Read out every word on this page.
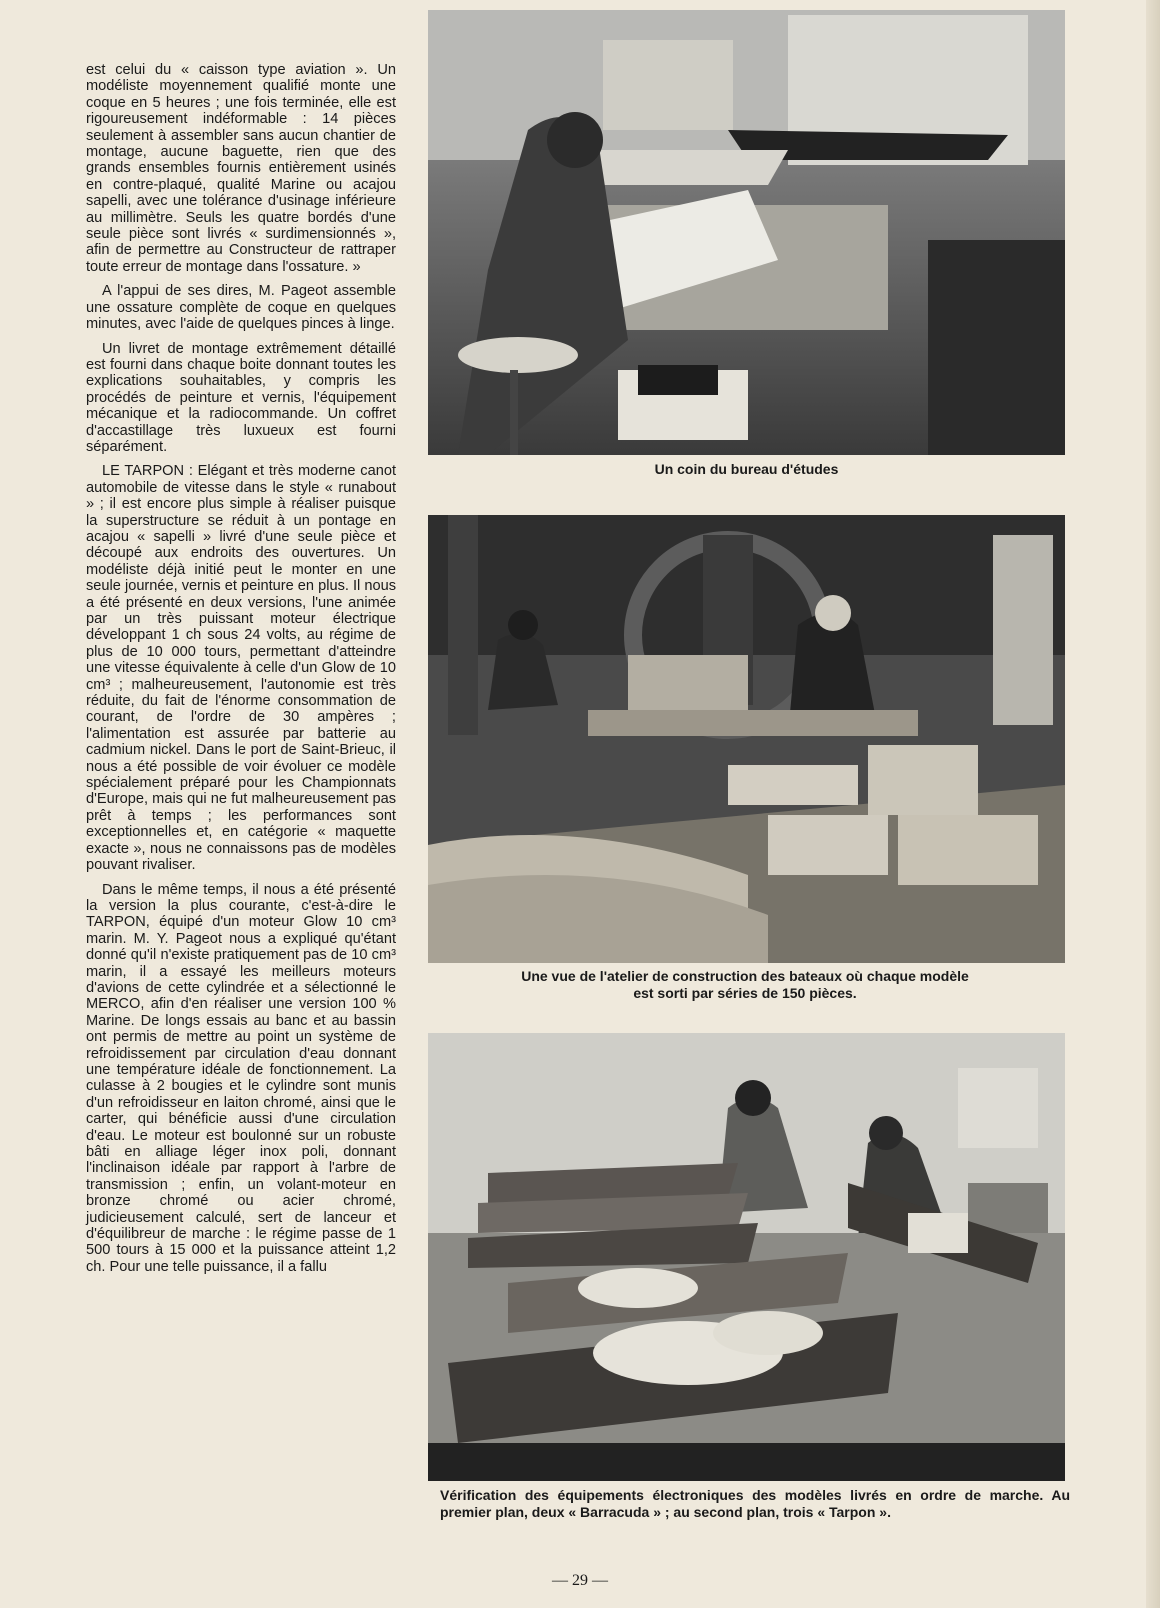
est celui du « caisson type aviation ». Un modéliste moyennement qualifié monte une coque en 5 heures ; une fois terminée, elle est rigoureusement indéformable : 14 pièces seulement à assembler sans aucun chantier de montage, aucune baguette, rien que des grands ensembles fournis entièrement usinés en contre-plaqué, qualité Marine ou acajou sapelli, avec une tolérance d'usinage inférieure au millimètre. Seuls les quatre bordés d'une seule pièce sont livrés « surdimensionnés », afin de permettre au Constructeur de rattraper toute erreur de montage dans l'ossature. »

A l'appui de ses dires, M. Pageot assemble une ossature complète de coque en quelques minutes, avec l'aide de quelques pinces à linge.

Un livret de montage extrêmement détaillé est fourni dans chaque boite donnant toutes les explications souhaitables, y compris les procédés de peinture et vernis, l'équipement mécanique et la radiocommande. Un coffret d'accastillage très luxueux est fourni séparément.

LE TARPON : Elégant et très moderne canot automobile de vitesse dans le style « runabout » ; il est encore plus simple à réaliser puisque la superstructure se réduit à un pontage en acajou « sapelli » livré d'une seule pièce et découpé aux endroits des ouvertures. Un modéliste déjà initié peut le monter en une seule journée, vernis et peinture en plus. Il nous a été présenté en deux versions, l'une animée par un très puissant moteur électrique développant 1 ch sous 24 volts, au régime de plus de 10 000 tours, permettant d'atteindre une vitesse équivalente à celle d'un Glow de 10 cm³ ; malheureusement, l'autonomie est très réduite, du fait de l'énorme consommation de courant, de l'ordre de 30 ampères ; l'alimentation est assurée par batterie au cadmium nickel. Dans le port de Saint-Brieuc, il nous a été possible de voir évoluer ce modèle spécialement préparé pour les Championnats d'Europe, mais qui ne fut malheureusement pas prêt à temps ; les performances sont exceptionnelles et, en catégorie « maquette exacte », nous ne connaissons pas de modèles pouvant rivaliser.

Dans le même temps, il nous a été présenté la version la plus courante, c'est-à-dire le TARPON, équipé d'un moteur Glow 10 cm³ marin. M. Y. Pageot nous a expliqué qu'étant donné qu'il n'existe pratiquement pas de 10 cm³ marin, il a essayé les meilleurs moteurs d'avions de cette cylindrée et a sélectionné le MERCO, afin d'en réaliser une version 100 % Marine. De longs essais au banc et au bassin ont permis de mettre au point un système de refroidissement par circulation d'eau donnant une température idéale de fonctionnement. La culasse à 2 bougies et le cylindre sont munis d'un refroidisseur en laiton chromé, ainsi que le carter, qui bénéficie aussi d'une circulation d'eau. Le moteur est boulonné sur un robuste bâti en alliage léger inox poli, donnant l'inclinaison idéale par rapport à l'arbre de transmission ; enfin, un volant-moteur en bronze chromé ou acier chromé, judicieusement calculé, sert de lanceur et d'équilibreur de marche : le régime passe de 1 500 tours à 15 000 et la puissance atteint 1,2 ch. Pour une telle puissance, il a fallu

Un coin du bureau d'études
Une vue de l'atelier de construction des bateaux où chaque modèle est sorti par séries de 150 pièces.
Vérification des équipements électroniques des modèles livrés en ordre de marche. Au premier plan, deux « Barracuda » ; au second plan, trois « Tarpon ».
— 29 —
